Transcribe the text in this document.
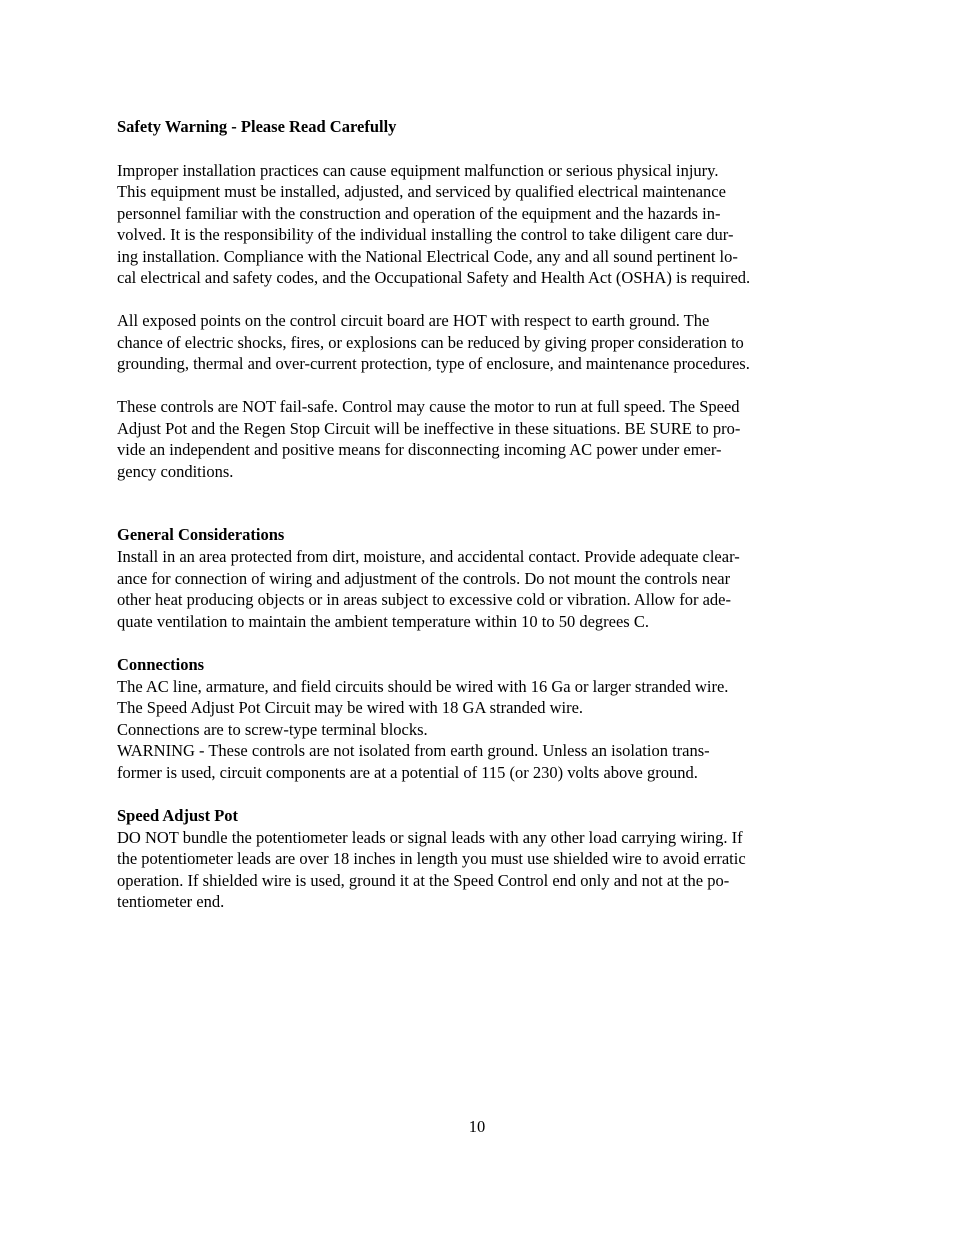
Safety Warning - Please Read Carefully

Improper installation practices can cause equipment malfunction or serious physical injury.
This equipment must be installed, adjusted, and serviced by qualified electrical maintenance
personnel familiar with the construction and operation of the equipment and the hazards in-
volved. It is the responsibility of the individual installing the control to take diligent care dur-
ing installation. Compliance with the National Electrical Code, any and all sound pertinent lo-
cal electrical and safety codes, and the Occupational Safety and Health Act (OSHA) is required.

All exposed points on the control circuit board are HOT with respect to earth ground. The
chance of electric shocks, fires, or explosions can be reduced by giving proper consideration to
grounding, thermal and over-current protection, type of enclosure, and maintenance procedures.

These controls are NOT fail-safe. Control may cause the motor to run at full speed. The Speed
Adjust Pot and the Regen Stop Circuit will be ineffective in these situations. BE SURE to pro-
vide an independent and positive means for disconnecting incoming AC power under emer-
gency conditions.

General Considerations

Install in an area protected from dirt, moisture, and accidental contact. Provide adequate clear-
ance for connection of wiring and adjustment of the controls. Do not mount the controls near
other heat producing objects or in areas subject to excessive cold or vibration. Allow for ade-
quate ventilation to maintain the ambient temperature within 10 to 50 degrees C.

Connections

The AC line, armature, and field circuits should be wired with 16 Ga or larger stranded wire.
The Speed Adjust Pot Circuit may be wired with 18 GA stranded wire.
Connections are to screw-type terminal blocks.
WARNING - These controls are not isolated from earth ground. Unless an isolation trans-
former is used, circuit components are at a potential of 115 (or 230) volts above ground.

Speed Adjust Pot

DO NOT bundle the potentiometer leads or signal leads with any other load carrying wiring. If
the potentiometer leads are over 18 inches in length you must use shielded wire to avoid erratic
operation. If shielded wire is used, ground it at the Speed Control end only and not at the po-
tentiometer end.

10
